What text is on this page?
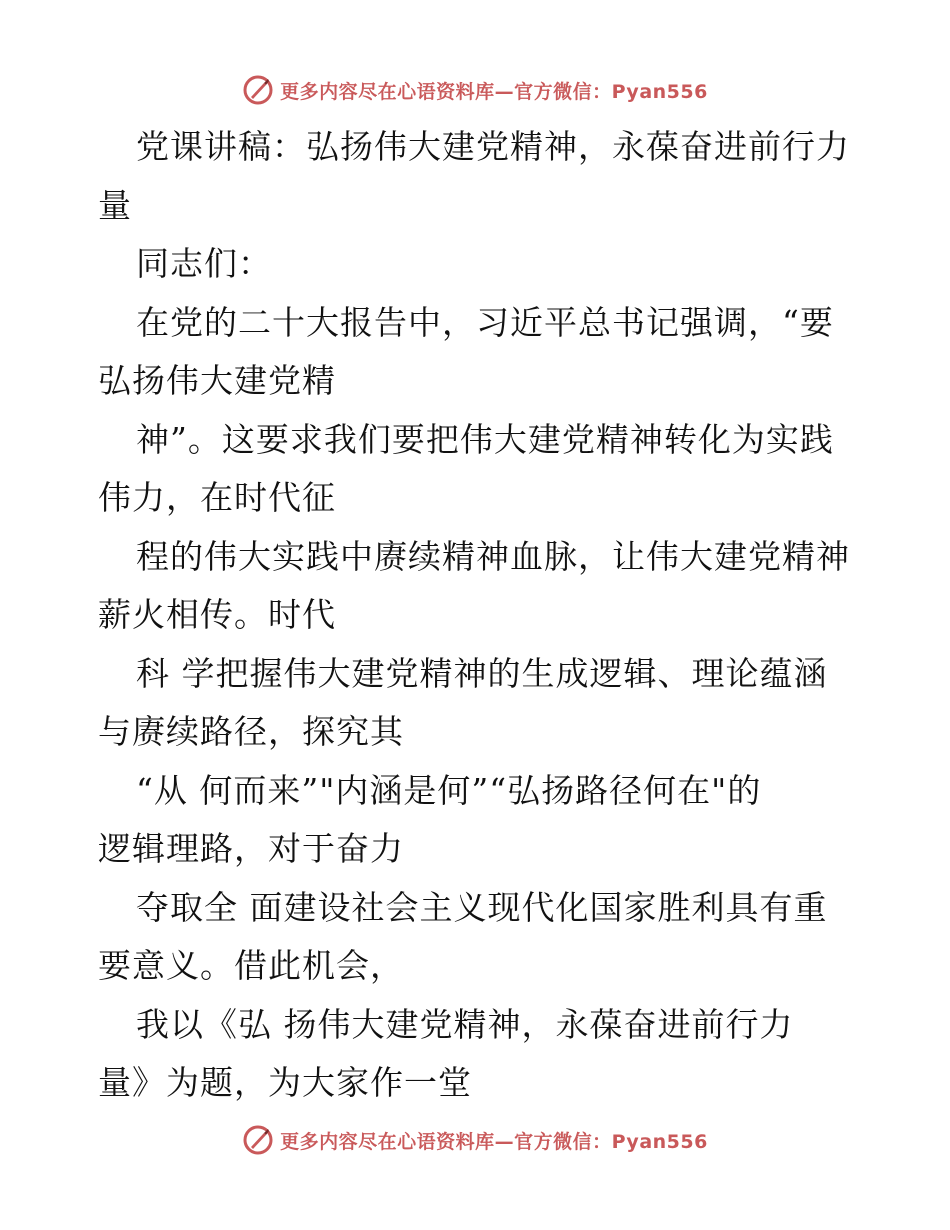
更多内容尽在心语资料库—官方微信：Pyan556
党课讲稿：弘扬伟大建党精神，永葆奋进前行力
量
同志们：
在党的二十大报告中，习近平总书记强调，“要
弘扬伟大建党精
神”。这要求我们要把伟大建党精神转化为实践
伟力，在时代征
程的伟大实践中赓续精神血脉，让伟大建党精神
薪火相传。时代
科 学把握伟大建党精神的生成逻辑、理论蕴涵
与赓续路径，探究其
“从 何而来”"内涵是何”“弘扬路径何在"的
逻辑理路，对于奋力
夺取全 面建设社会主义现代化国家胜利具有重
要意义。借此机会，
我以《弘 扬伟大建党精神，永葆奋进前行力
量》为题，为大家作一堂
更多内容尽在心语资料库—官方微信：Pyan556
